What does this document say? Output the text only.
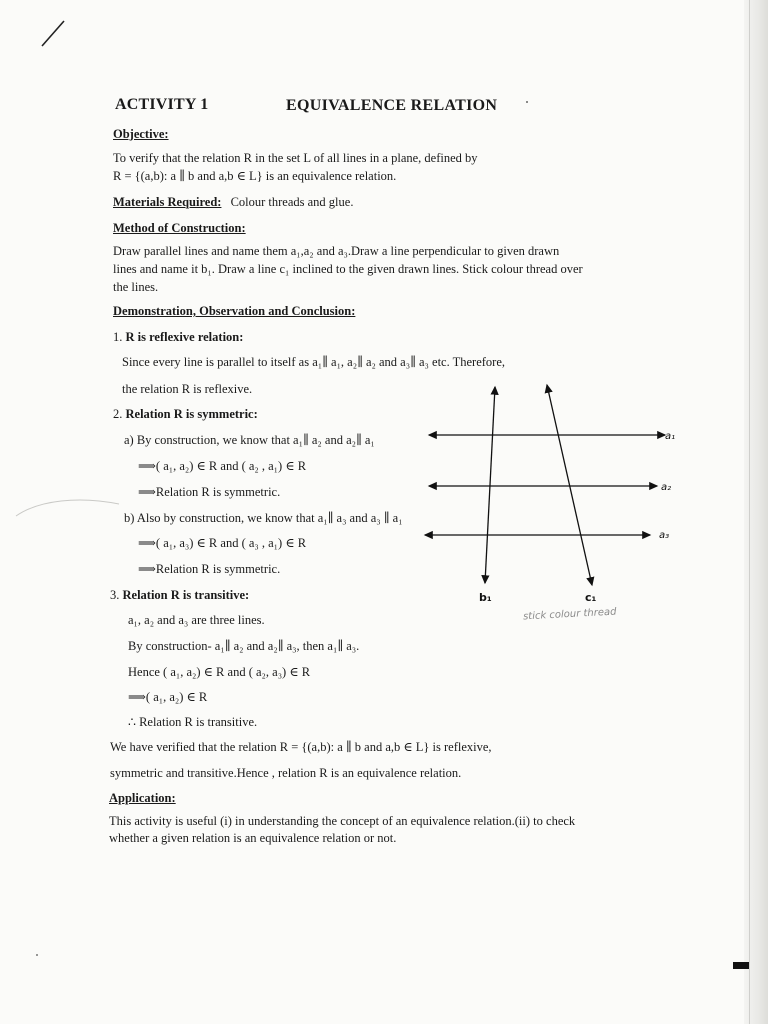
ACTIVITY 1	EQUIVALENCE RELATION
Objective:
To verify that the relation R in the set L of all lines in a plane, defined by
R = {(a,b): a ∥ b and a,b ∈ L} is an equivalence relation.
Materials Required: Colour threads and glue.
Method of Construction:
Draw parallel lines and name them a₁,a₂ and a₃.Draw a line perpendicular to given drawn
lines and name it b₁. Draw a line c₁ inclined to the given drawn lines. Stick colour thread over
the lines.
Demonstration, Observation and Conclusion:
1. R is reflexive relation:
Since every line is parallel to itself as a₁∥ a₁, a₂∥ a₂ and a₃∥ a₃ etc. Therefore,
the relation R is reflexive.
2. Relation R is symmetric:
a) By construction, we know that a₁∥ a₂ and a₂∥ a₁
⟹( a₁, a₂) ∈ R and ( a₂ , a₁) ∈ R
⟹Relation R is symmetric.
b) Also by construction, we know that a₁∥ a₃ and a₃ ∥ a₁
⟹( a₁, a₃) ∈ R and ( a₃ , a₁) ∈ R
⟹Relation R is symmetric.
3. Relation R is transitive:
a₁, a₂ and a₃ are three lines.
By construction- a₁∥ a₂ and a₂∥ a₃, then a₁∥ a₃.
Hence ( a₁, a₂) ∈ R and ( a₂, a₃) ∈ R
⟹( a₁, a₂) ∈ R
∴ Relation R is transitive.
We have verified that the relation R = {(a,b): a ∥ b and a,b ∈ L} is reflexive,
symmetric and transitive.Hence , relation R is an equivalence relation.
Application:
This activity is useful (i) in understanding the concept of an equivalence relation.(ii) to check
whether a given relation is an equivalence relation or not.
a₁
a₂
a₃
b₁	c₁
stick colour thread
